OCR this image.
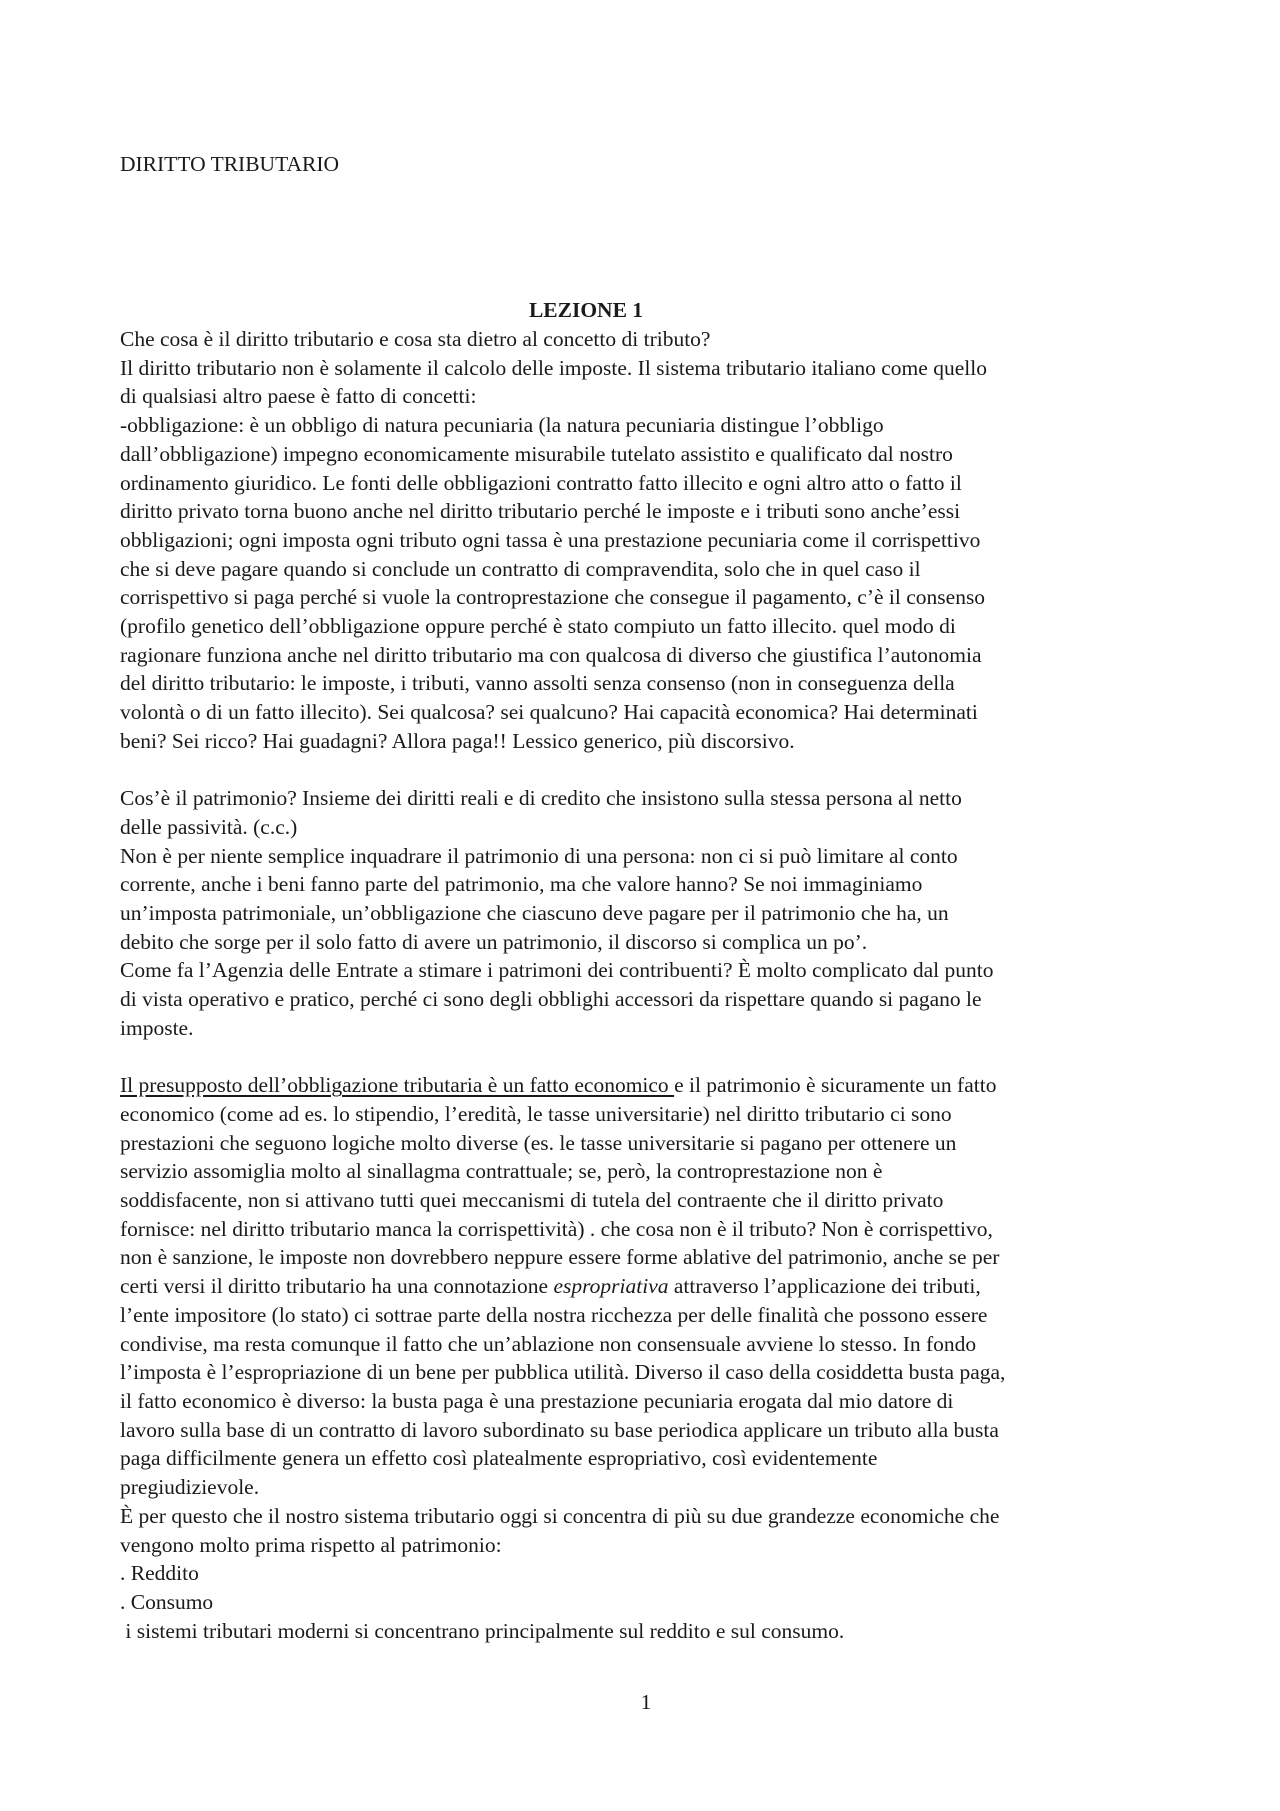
DIRITTO TRIBUTARIO
LEZIONE 1
Che cosa è il diritto tributario e cosa sta dietro al concetto di tributo?
Il diritto tributario non è solamente il calcolo delle imposte. Il sistema tributario italiano come quello
di qualsiasi altro paese è fatto di concetti:
-obbligazione: è un obbligo di natura pecuniaria (la natura pecuniaria distingue l’obbligo
dall’obbligazione) impegno economicamente misurabile tutelato assistito e qualificato dal nostro
ordinamento giuridico. Le fonti delle obbligazioni contratto fatto illecito e ogni altro atto o fatto il
diritto privato torna buono anche nel diritto tributario perché le imposte e i tributi sono anche’essi
obbligazioni; ogni imposta ogni tributo ogni tassa è una prestazione pecuniaria come il corrispettivo
che si deve pagare quando si conclude un contratto di compravendita, solo che in quel caso il
corrispettivo si paga perché si vuole la controprestazione che consegue il pagamento, c’è il consenso
(profilo genetico dell’obbligazione oppure perché è stato compiuto un fatto illecito. quel modo di
ragionare funziona anche nel diritto tributario ma con qualcosa di diverso che giustifica l’autonomia
del diritto tributario: le imposte, i tributi, vanno assolti senza consenso (non in conseguenza della
volontà o di un fatto illecito). Sei qualcosa? sei qualcuno? Hai capacità economica? Hai determinati
beni? Sei ricco? Hai guadagni? Allora paga!! Lessico generico, più discorsivo.
Cos’è il patrimonio? Insieme dei diritti reali e di credito che insistono sulla stessa persona al netto
delle passività. (c.c.)
Non è per niente semplice inquadrare il patrimonio di una persona: non ci si può limitare al conto
corrente, anche i beni fanno parte del patrimonio, ma che valore hanno? Se noi immaginiamo
un’imposta patrimoniale, un’obbligazione che ciascuno deve pagare per il patrimonio che ha, un
debito che sorge per il solo fatto di avere un patrimonio, il discorso si complica un po’.
Come fa l’Agenzia delle Entrate a stimare i patrimoni dei contribuenti? È molto complicato dal punto
di vista operativo e pratico, perché ci sono degli obblighi accessori da rispettare quando si pagano le
imposte.
Il presupposto dell’obbligazione tributaria è un fatto economico e il patrimonio è sicuramente un fatto
economico (come ad es. lo stipendio, l’eredità, le tasse universitarie) nel diritto tributario ci sono
prestazioni che seguono logiche molto diverse (es. le tasse universitarie si pagano per ottenere un
servizio assomiglia molto al sinallagma contrattuale; se, però, la controprestazione non è
soddisfacente, non si attivano tutti quei meccanismi di tutela del contraente che il diritto privato
fornisce: nel diritto tributario manca la corrispettività) . che cosa non è il tributo? Non è corrispettivo,
non è sanzione, le imposte non dovrebbero neppure essere forme ablative del patrimonio, anche se per
certi versi il diritto tributario ha una connotazione espropriativa attraverso l’applicazione dei tributi,
l’ente impositore (lo stato) ci sottrae parte della nostra ricchezza per delle finalità che possono essere
condivise, ma resta comunque il fatto che un’ablazione non consensuale avviene lo stesso. In fondo
l’imposta è l’espropriazione di un bene per pubblica utilità. Diverso il caso della cosiddetta busta paga,
il fatto economico è diverso: la busta paga è una prestazione pecuniaria erogata dal mio datore di
lavoro sulla base di un contratto di lavoro subordinato su base periodica applicare un tributo alla busta
paga difficilmente genera un effetto così platealmente espropriativo, così evidentemente
pregiudizievole.
È per questo che il nostro sistema tributario oggi si concentra di più su due grandezze economiche che
vengono molto prima rispetto al patrimonio:
. Reddito
. Consumo
i sistemi tributari moderni si concentrano principalmente sul reddito e sul consumo.
1
